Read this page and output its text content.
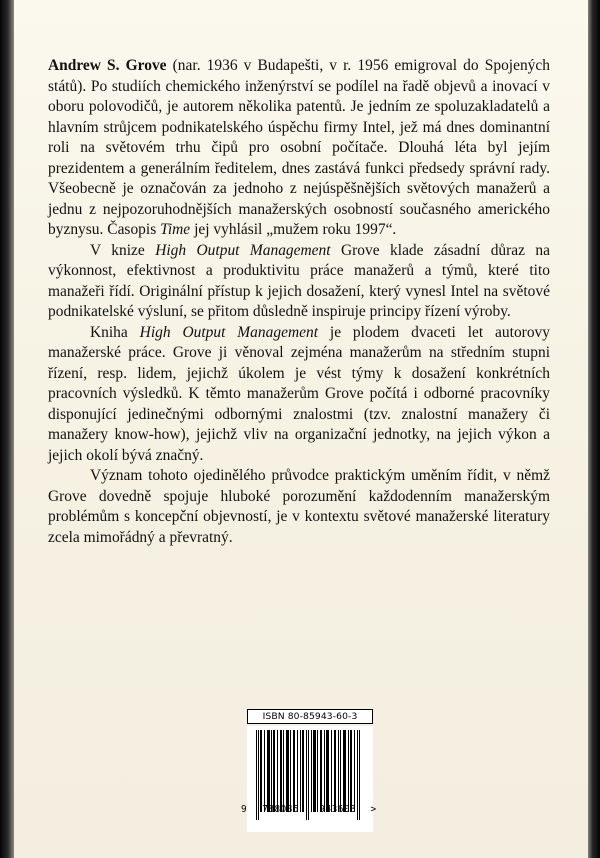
Andrew S. Grove (nar. 1936 v Budapešti, v r. 1956 emigroval do Spojených států). Po studiích chemického inženýrství se podílel na řadě objevů a inovací v oboru polovodičů, je autorem několika patentů. Je jedním ze spoluzakladatelů a hlavním strůjcem podnikatelského úspěchu firmy Intel, jež má dnes dominantní roli na světovém trhu čipů pro osobní počítače. Dlouhá léta byl jejím prezidentem a generálním ředitelem, dnes zastává funkci předsedy správní rady. Všeobecně je označován za jednoho z nejúspěšnějších světových manažerů a jednu z nejpozoruhodnějších manažerských osobností současného amerického byznysu. Časopis Time jej vyhlásil „mužem roku 1997“.

V knize High Output Management Grove klade zásadní důraz na výkonnost, efektivnost a produktivitu práce manažerů a týmů, které tito manažeři řídí. Originální přístup k jejich dosažení, který vynesl Intel na světové podnikatelské výsluní, se přitom důsledně inspiruje principy řízení výroby.

Kniha High Output Management je plodem dvaceti let autorovy manažerské práce. Grove ji věnoval zejména manažerům na středním stupni řízení, resp. lidem, jejichž úkolem je vést týmy k dosažení konkrétních pracovních výsledků. K těmto manažerům Grove počítá i odborné pracovníky disponující jedinečnými odbornými znalostmi (tzv. znalostní manažery či manažery know-how), jejichž vliv na organizační jednotky, na jejich výkon a jejich okolí bývá značný.

Význam tohoto ojedinělého průvodce praktickým uměním řídit, v němž Grove dovedně spojuje hluboké porozumění každodenním manažerským problémům s koncepční objevností, je v kontextu světové manažerské literatury zcela mimořádný a převratný.

ISBN 80-85943-60-3
9 788085 943603 >
